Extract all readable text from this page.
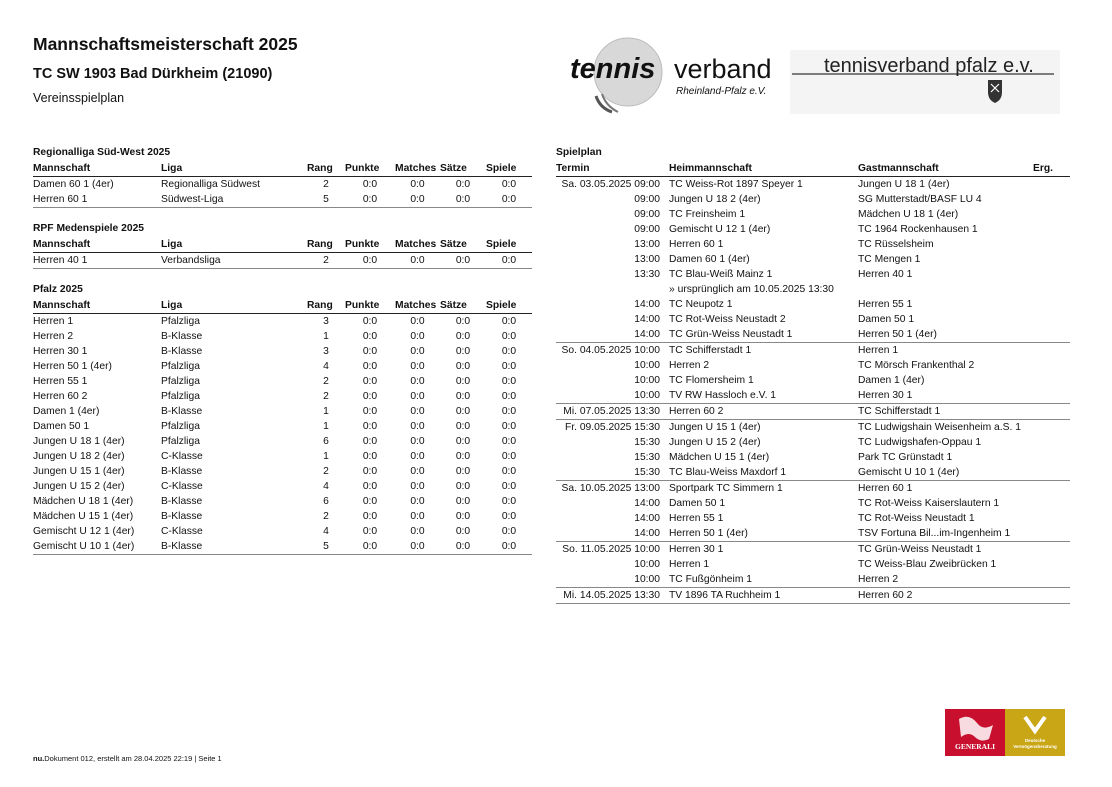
Mannschaftsmeisterschaft 2025
TC SW 1903 Bad Dürkheim (21090)
Vereinsspielplan
tennis verband
Rheinland-Pfalz e.V.
tennisverband pfalz e.v.
Regionalliga Süd-West 2025
Mannschaft	Liga	Rang	Punkte	Matches	Sätze	Spiele
Damen 60 1 (4er)	Regionalliga Südwest	2	0:0	0:0	0:0	0:0
Herren 60 1	Südwest-Liga	5	0:0	0:0	0:0	0:0
RPF Medenspiele 2025
Mannschaft	Liga	Rang	Punkte	Matches	Sätze	Spiele
Herren 40 1	Verbandsliga	2	0:0	0:0	0:0	0:0
Pfalz 2025
Mannschaft	Liga	Rang	Punkte	Matches	Sätze	Spiele
Herren 1	Pfalzliga	3	0:0	0:0	0:0	0:0
Herren 2	B-Klasse	1	0:0	0:0	0:0	0:0
Herren 30 1	B-Klasse	3	0:0	0:0	0:0	0:0
Herren 50 1 (4er)	Pfalzliga	4	0:0	0:0	0:0	0:0
Herren 55 1	Pfalzliga	2	0:0	0:0	0:0	0:0
Herren 60 2	Pfalzliga	2	0:0	0:0	0:0	0:0
Damen 1 (4er)	B-Klasse	1	0:0	0:0	0:0	0:0
Damen 50 1	Pfalzliga	1	0:0	0:0	0:0	0:0
Jungen U 18 1 (4er)	Pfalzliga	6	0:0	0:0	0:0	0:0
Jungen U 18 2 (4er)	C-Klasse	1	0:0	0:0	0:0	0:0
Jungen U 15 1 (4er)	B-Klasse	2	0:0	0:0	0:0	0:0
Jungen U 15 2 (4er)	C-Klasse	4	0:0	0:0	0:0	0:0
Mädchen U 18 1 (4er)	B-Klasse	6	0:0	0:0	0:0	0:0
Mädchen U 15 1 (4er)	B-Klasse	2	0:0	0:0	0:0	0:0
Gemischt U 12 1 (4er)	C-Klasse	4	0:0	0:0	0:0	0:0
Gemischt U 10 1 (4er)	B-Klasse	5	0:0	0:0	0:0	0:0
Spielplan
Termin	Heimmannschaft	Gastmannschaft	Erg.
Sa. 03.05.2025 09:00	TC Weiss-Rot 1897 Speyer 1	Jungen U 18 1 (4er)	
09:00	Jungen U 18 2 (4er)	SG Mutterstadt/BASF LU 4	
09:00	TC Freinsheim 1	Mädchen U 18 1 (4er)	
09:00	Gemischt U 12 1 (4er)	TC 1964 Rockenhausen 1	
13:00	Herren 60 1	TC Rüsselsheim	
13:00	Damen 60 1 (4er)	TC Mengen 1	
13:30	TC Blau-Weiß Mainz 1	Herren 40 1	
	» ursprünglich am 10.05.2025 13:30		
14:00	TC Neupotz 1	Herren 55 1	
14:00	TC Rot-Weiss Neustadt 2	Damen 50 1	
14:00	TC Grün-Weiss Neustadt 1	Herren 50 1 (4er)	
So. 04.05.2025 10:00	TC Schifferstadt 1	Herren 1	
10:00	Herren 2	TC Mörsch Frankenthal 2	
10:00	TC Flomersheim 1	Damen 1 (4er)	
10:00	TV RW Hassloch e.V. 1	Herren 30 1	
Mi. 07.05.2025 13:30	Herren 60 2	TC Schifferstadt 1	
Fr. 09.05.2025 15:30	Jungen U 15 1 (4er)	TC Ludwigshain Weisenheim a.S. 1	
15:30	Jungen U 15 2 (4er)	TC Ludwigshafen-Oppau 1	
15:30	Mädchen U 15 1 (4er)	Park TC Grünstadt 1	
15:30	TC Blau-Weiss Maxdorf 1	Gemischt U 10 1 (4er)	
Sa. 10.05.2025 13:00	Sportpark TC Simmern 1	Herren 60 1	
14:00	Damen 50 1	TC Rot-Weiss Kaiserslautern 1	
14:00	Herren 55 1	TC Rot-Weiss Neustadt 1	
14:00	Herren 50 1 (4er)	TSV Fortuna Bil...im-Ingenheim 1	
So. 11.05.2025 10:00	Herren 30 1	TC Grün-Weiss Neustadt 1	
10:00	Herren 1	TC Weiss-Blau Zweibrücken 1	
10:00	TC Fußgönheim 1	Herren 2	
Mi. 14.05.2025 13:30	TV 1896 TA Ruchheim 1	Herren 60 2	
nu.Dokument 012, erstellt am 28.04.2025 22:19 | Seite 1
GENERALI
Deutsche
Vermögensberatung
